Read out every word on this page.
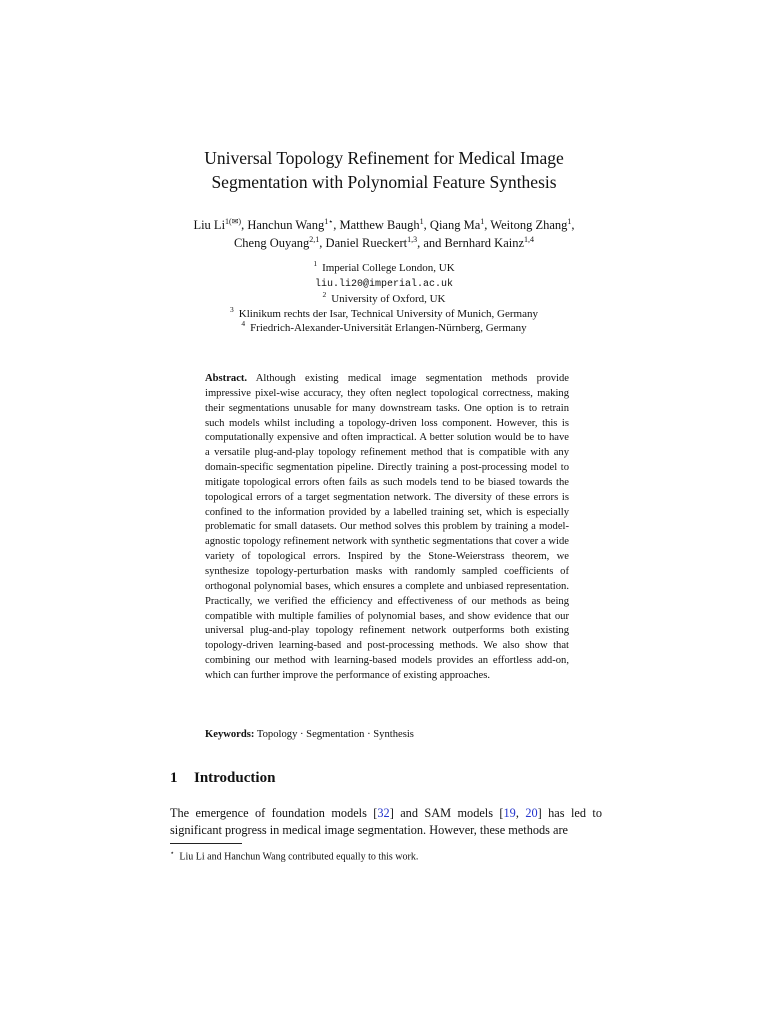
Universal Topology Refinement for Medical Image
Segmentation with Polynomial Feature Synthesis
Liu $Li^{1(✉)}$, Hanchun Wang$^{1⋆}$, Matthew Baugh$^1$, Qiang Ma$^1$, Weitong Zhang$^1$,
Cheng Ouyang$^{2,1}$, Daniel Rueckert$^{1,3}$, and Bernhard Kainz$^{1,4}$
$^1$ Imperial College London, UK
liu.li20@imperial.ac.uk
$^2$ University of Oxford, UK
$^3$ Klinikum rechts der Isar, Technical University of Munich, Germany
$^4$ Friedrich-Alexander-Universität Erlangen-Nürnberg, Germany
Abstract. Although existing medical image segmentation methods provide impressive pixel-wise accuracy, they often neglect topological correctness, making their segmentations unusable for many downstream tasks. One option is to retrain such models whilst including a topology-driven loss component. However, this is computationally expensive and often impractical. A better solution would be to have a versatile plug-and-play topology refinement method that is compatible with any domain-specific segmentation pipeline. Directly training a post-processing model to mitigate topological errors often fails as such models tend to be biased towards the topological errors of a target segmentation network. The diversity of these errors is confined to the information provided by a labelled training set, which is especially problematic for small datasets. Our method solves this problem by training a model-agnostic topology refinement network with synthetic segmentations that cover a wide variety of topological errors. Inspired by the Stone-Weierstrass theorem, we synthesize topology-perturbation masks with randomly sampled coefficients of orthogonal polynomial bases, which ensures a complete and unbiased representation. Practically, we verified the efficiency and effectiveness of our methods as being compatible with multiple families of polynomial bases, and show evidence that our universal plug-and-play topology refinement network outperforms both existing topology-driven learning-based and post-processing methods. We also show that combining our method with learning-based models provides an effortless add-on, which can further improve the performance of existing approaches.
Keywords: Topology · Segmentation · Synthesis
1 Introduction
The emergence of foundation models [32] and SAM models [19, 20] has led to significant progress in medical image segmentation. However, these methods are
⋆ Liu Li and Hanchun Wang contributed equally to this work.
